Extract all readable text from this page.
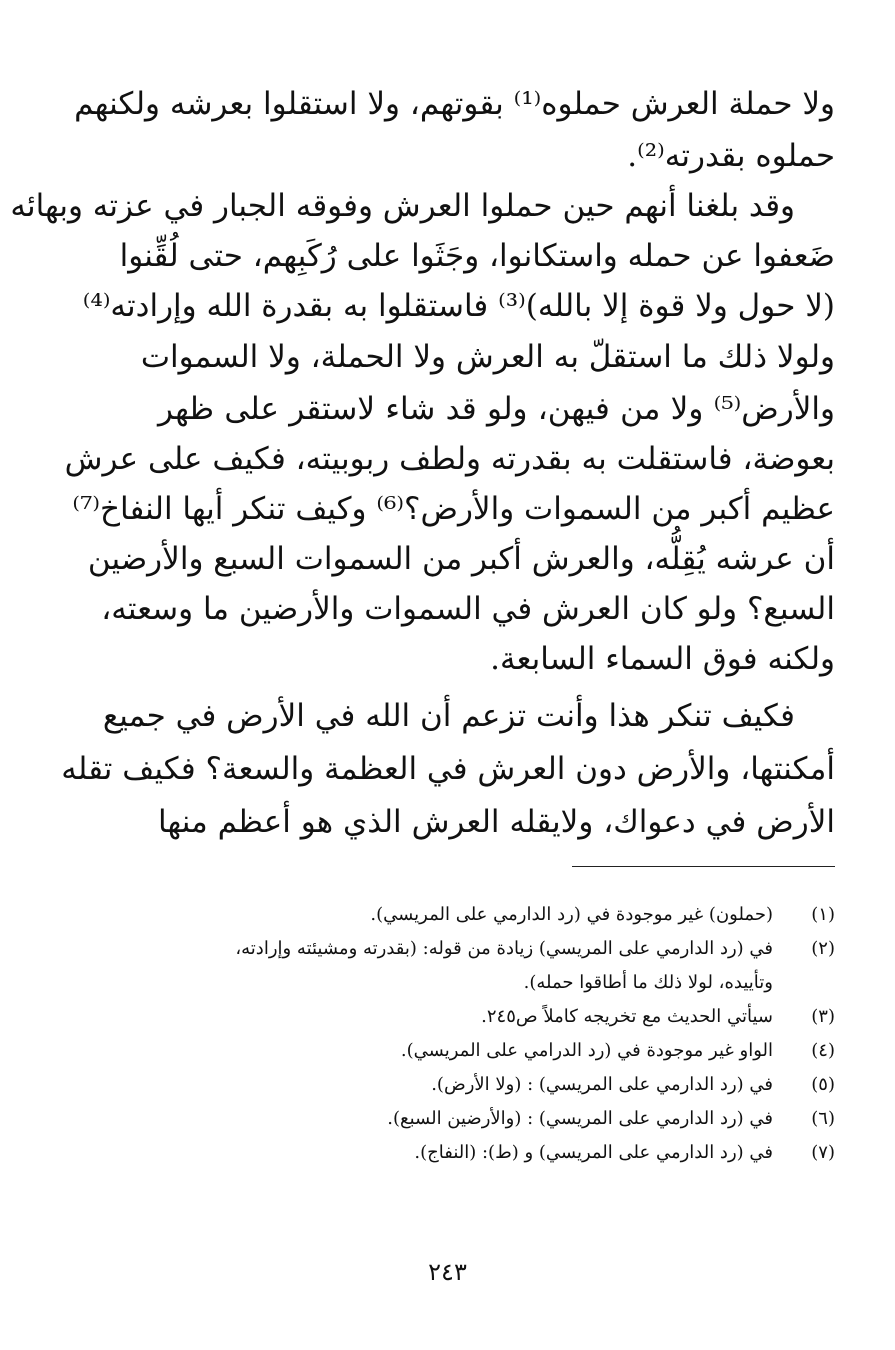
ولا حملة العرش حملوه⁽¹⁾ بقوتهم، ولا استقلوا بعرشه ولكنهم
حملوه بقدرته⁽²⁾.
وقد بلغنا أنهم حين حملوا العرش وفوقه الجبار في عزته وبهائه
ضَعفوا عن حمله واستكانوا، وجَثَوا على رُكَبِهم، حتى لُقِّنوا
(لا حول ولا قوة إلا بالله)⁽³⁾ فاستقلوا به بقدرة الله وإرادته⁽⁴⁾
ولولا ذلك ما استقلّ به العرش ولا الحملة، ولا السموات
والأرض⁽⁵⁾ ولا من فيهن، ولو قد شاء لاستقر على ظهر
بعوضة، فاستقلت به بقدرته ولطف ربوبيته، فكيف على عرش
عظيم أكبر من السموات والأرض؟⁽⁶⁾ وكيف تنكر أيها النفاخ⁽⁷⁾
أن عرشه يُقِلُّه، والعرش أكبر من السموات السبع والأرضين
السبع؟ ولو كان العرش في السموات والأرضين ما وسعته،
ولكنه فوق السماء السابعة.
فكيف تنكر هذا وأنت تزعم أن الله في الأرض في جميع
أمكنتها، والأرض دون العرش في العظمة والسعة؟ فكيف تقله
الأرض في دعواك، ولايقله العرش الذي هو أعظم منها
(١)
(حملون) غير موجودة في (رد الدارمي على المريسي).
(٢)
في (رد الدارمي على المريسي) زيادة من قوله: (بقدرته ومشيئته وإرادته،
وتأييده، لولا ذلك ما أطاقوا حمله).
(٣)
سيأتي الحديث مع تخريجه كاملاً ص٢٤٥.
(٤)
الواو غير موجودة في (رد الدرامي على المريسي).
(٥)
في (رد الدارمي على المريسي) : (ولا الأرض).
(٦)
في (رد الدارمي على المريسي) : (والأرضين السبع).
(٧)
في (رد الدارمي على المريسي) و (ط): (النفاج).
٢٤٣
